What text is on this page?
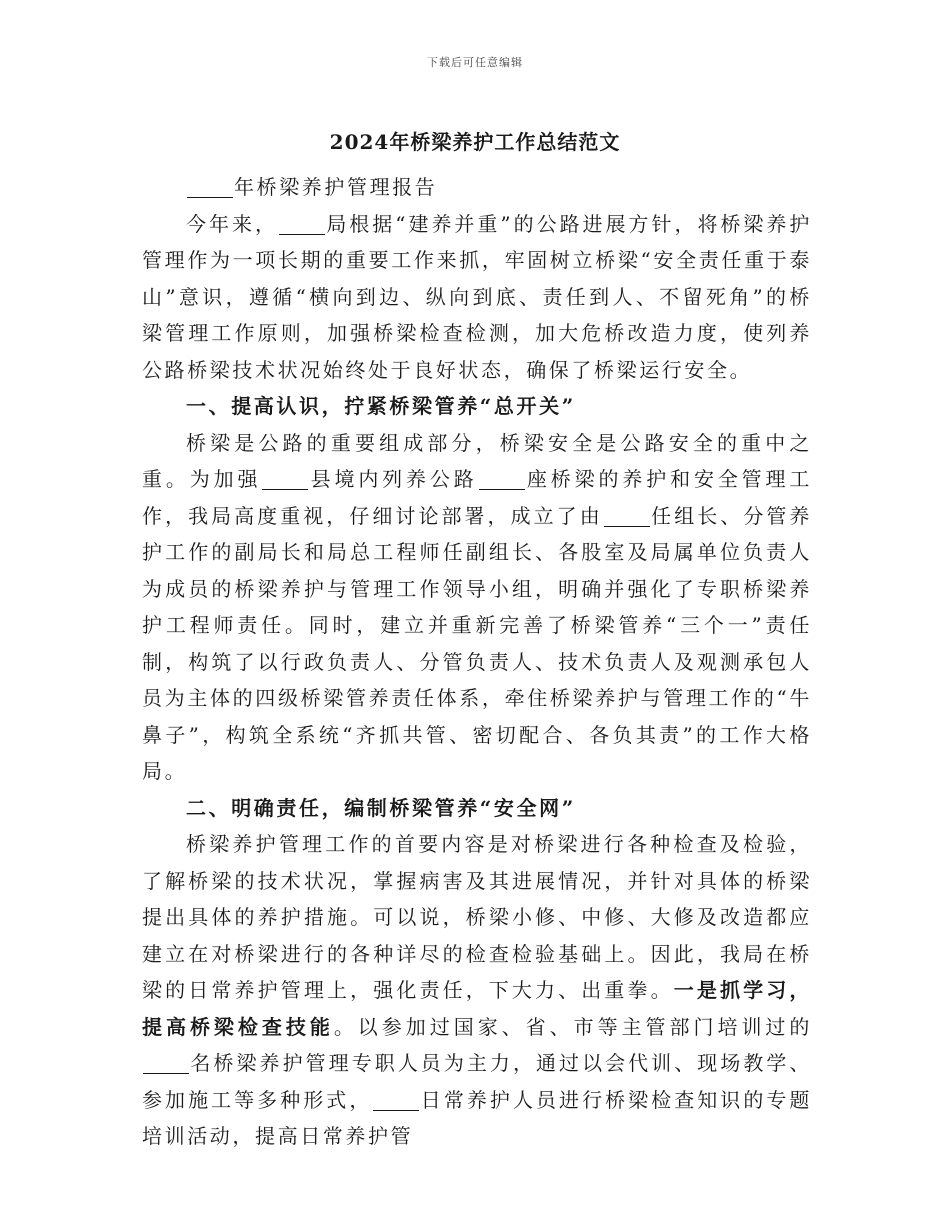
下载后可任意编辑
2024年桥梁养护工作总结范文

年桥梁养护管理报告

今年来， 局根据“建养并重”的公路进展方针，将桥梁养护管理作为一项长期的重要工作来抓，牢固树立桥梁“安全责任重于泰山”意识，遵循“横向到边、纵向到底、责任到人、不留死角”的桥梁管理工作原则，加强桥梁检查检测，加大危桥改造力度，使列养公路桥梁技术状况始终处于良好状态，确保了桥梁运行安全。

一、提高认识，拧紧桥梁管养“总开关”

桥梁是公路的重要组成部分，桥梁安全是公路安全的重中之重。为加强 县境内列养公路 座桥梁的养护和安全管理工作，我局高度重视，仔细讨论部署，成立了由 任组长、分管养护工作的副局长和局总工程师任副组长、各股室及局属单位负责人为成员的桥梁养护与管理工作领导小组，明确并强化了专职桥梁养护工程师责任。同时，建立并重新完善了桥梁管养“三个一”责任制，构筑了以行政负责人、分管负责人、技术负责人及观测承包人员为主体的四级桥梁管养责任体系，牵住桥梁养护与管理工作的“牛鼻子”，构筑全系统“齐抓共管、密切配合、各负其责”的工作大格局。

二、明确责任，编制桥梁管养“安全网”

桥梁养护管理工作的首要内容是对桥梁进行各种检查及检验，了解桥梁的技术状况，掌握病害及其进展情况，并针对具体的桥梁提出具体的养护措施。可以说，桥梁小修、中修、大修及改造都应建立在对桥梁进行的各种详尽的检查检验基础上。因此，我局在桥梁的日常养护管理上，强化责任，下大力、出重拳。一是抓学习，提高桥梁检查技能。以参加过国家、省、市等主管部门培训过的名桥梁养护管理专职人员为主力，通过以会代训、现场教学、参加施工等多种形式， 日常养护人员进行桥梁检查知识的专题培训活动，提高日常养护管
